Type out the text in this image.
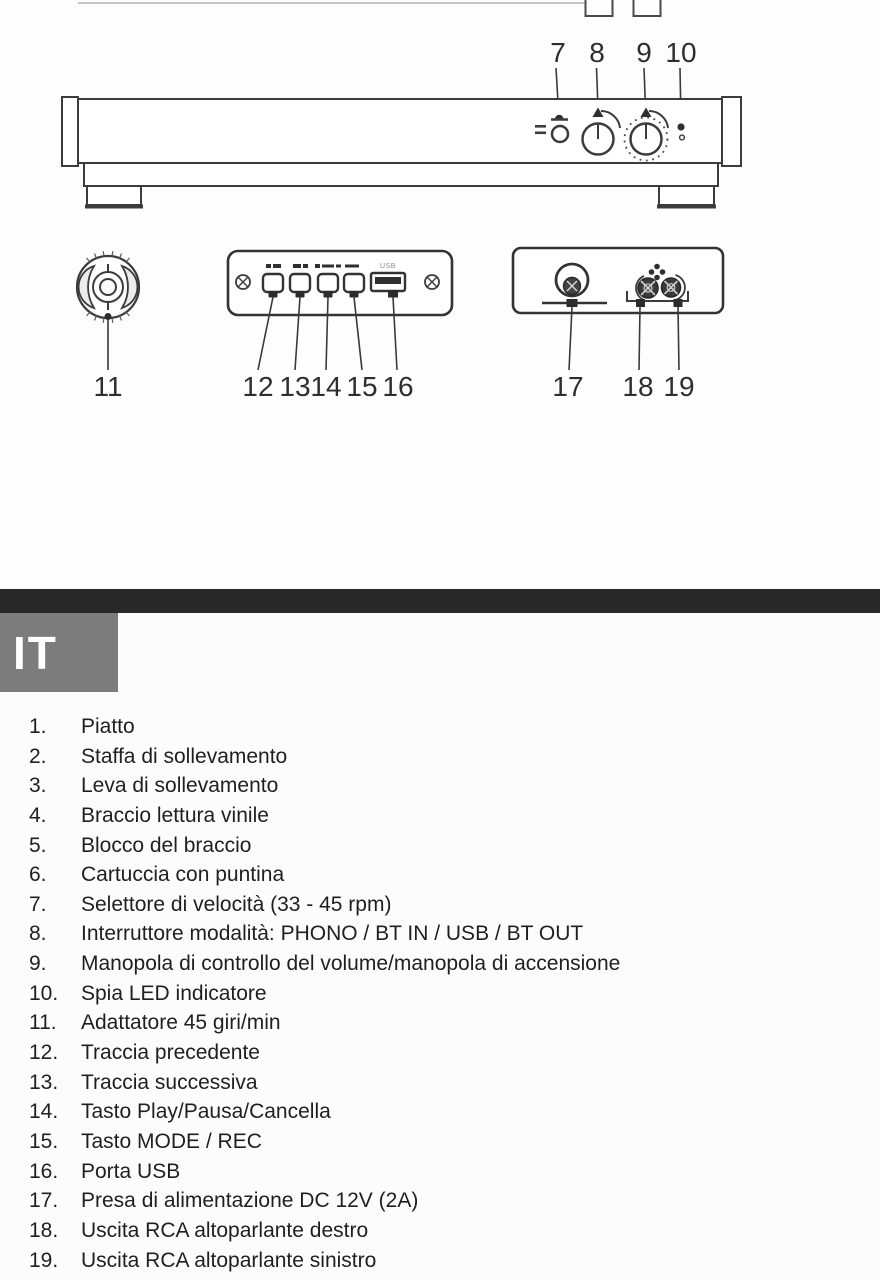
7 8 9 10
USB
11	12 13 14 15 16	17 18 19
IT
1.	Piatto
2.	Staffa di sollevamento
3.	Leva di sollevamento
4.	Braccio lettura vinile
5.	Blocco del braccio
6.	Cartuccia con puntina
7.	Selettore di velocità (33 - 45 rpm)
8.	Interruttore modalità: PHONO / BT IN / USB / BT OUT
9.	Manopola di controllo del volume/manopola di accensione
10.	Spia LED indicatore
11.	Adattatore 45 giri/min
12.	Traccia precedente
13.	Traccia successiva
14.	Tasto Play/Pausa/Cancella
15.	Tasto MODE / REC
16.	Porta USB
17.	Presa di alimentazione DC 12V (2A)
18.	Uscita RCA altoparlante destro
19.	Uscita RCA altoparlante sinistro
